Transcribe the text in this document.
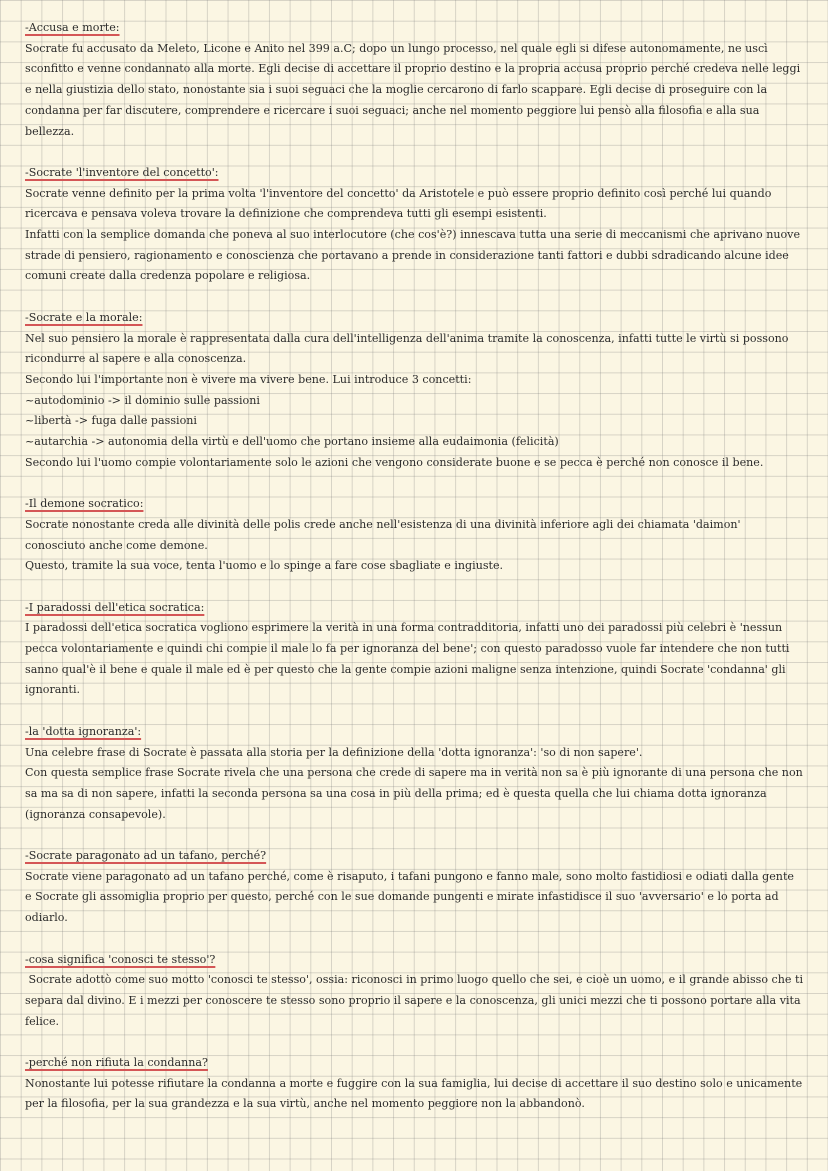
-Accusa e morte:

Socrate fu accusato da Meleto, Licone e Anito nel 399 a.C; dopo un lungo processo, nel quale egli si difese autonomamente, ne uscì sconfitto e venne condannato alla morte. Egli decise di accettare il proprio destino e la propria accusa proprio perché credeva nelle leggi e nella giustizia dello stato, nonostante sia i suoi seguaci che la moglie cercarono di farlo scappare. Egli decise di proseguire con la condanna per far discutere, comprendere e ricercare i suoi seguaci; anche nel momento peggiore lui pensò alla filosofia e alla sua bellezza.

-Socrate 'l'inventore del concetto':

Socrate venne definito per la prima volta 'l'inventore del concetto' da Aristotele e può essere proprio definito così perché lui quando ricercava e pensava voleva trovare la definizione che comprendeva tutti gli esempi esistenti.

Infatti con la semplice domanda che poneva al suo interlocutore (che cos'è?) innescava tutta una serie di meccanismi che aprivano nuove strade di pensiero, ragionamento e conoscienza che portavano a prende in considerazione tanti fattori e dubbi sdradicando alcune idee comuni create dalla credenza popolare e religiosa.

-Socrate e la morale:

Nel suo pensiero la morale è rappresentata dalla cura dell'intelligenza dell'anima tramite la conoscenza, infatti tutte le virtù si possono ricondurre al sapere e alla conoscenza.

Secondo lui l'importante non è vivere ma vivere bene. Lui introduce 3 concetti:

~autodominio -> il dominio sulle passioni

~libertà -> fuga dalle passioni

~autarchia -> autonomia della virtù e dell'uomo che portano insieme alla eudaimonia (felicità)

Secondo lui l'uomo compie volontariamente solo le azioni che vengono considerate buone e se pecca è perché non conosce il bene.

-Il demone socratico:

Socrate nonostante creda alle divinità delle polis crede anche nell'esistenza di una divinità inferiore agli dei chiamata 'daimon' conosciuto anche come demone.

Questo, tramite la sua voce, tenta l'uomo e lo spinge a fare cose sbagliate e ingiuste.

-I paradossi dell'etica socratica:

I paradossi dell'etica socratica vogliono esprimere la verità in una forma contradditoria, infatti uno dei paradossi più celebri è 'nessun pecca volontariamente e quindi chi compie il male lo fa per ignoranza del bene'; con questo paradosso vuole far intendere che non tutti sanno qual'è il bene e quale il male ed è per questo che la gente compie azioni maligne senza intenzione, quindi Socrate 'condanna' gli ignoranti.

-la 'dotta ignoranza':

Una celebre frase di Socrate è passata alla storia per la definizione della 'dotta ignoranza': 'so di non sapere'.

Con questa semplice frase Socrate rivela che una persona che crede di sapere ma in verità non sa è più ignorante di una persona che non sa ma sa di non sapere, infatti la seconda persona sa una cosa in più della prima; ed è questa quella che lui chiama dotta ignoranza (ignoranza consapevole).

-Socrate paragonato ad un tafano, perché?

Socrate viene paragonato ad un tafano perché, come è risaputo, i tafani pungono e fanno male, sono molto fastidiosi e odiati dalla gente e Socrate gli assomiglia proprio per questo, perché con le sue domande pungenti e mirate infastidisce il suo 'avversario' e lo porta ad odiarlo.

-cosa significa 'conosci te stesso'?

Socrate adottò come suo motto 'conosci te stesso', ossia: riconosci in primo luogo quello che sei, e cioè un uomo, e il grande abisso che ti separa dal divino. E i mezzi per conoscere te stesso sono proprio il sapere e la conoscenza, gli unici mezzi che ti possono portare alla vita felice.

-perché non rifiuta la condanna?

Nonostante lui potesse rifiutare la condanna a morte e fuggire con la sua famiglia, lui decise di accettare il suo destino solo e unicamente per la filosofia, per la sua grandezza e la sua virtù, anche nel momento peggiore non la abbandonò.
